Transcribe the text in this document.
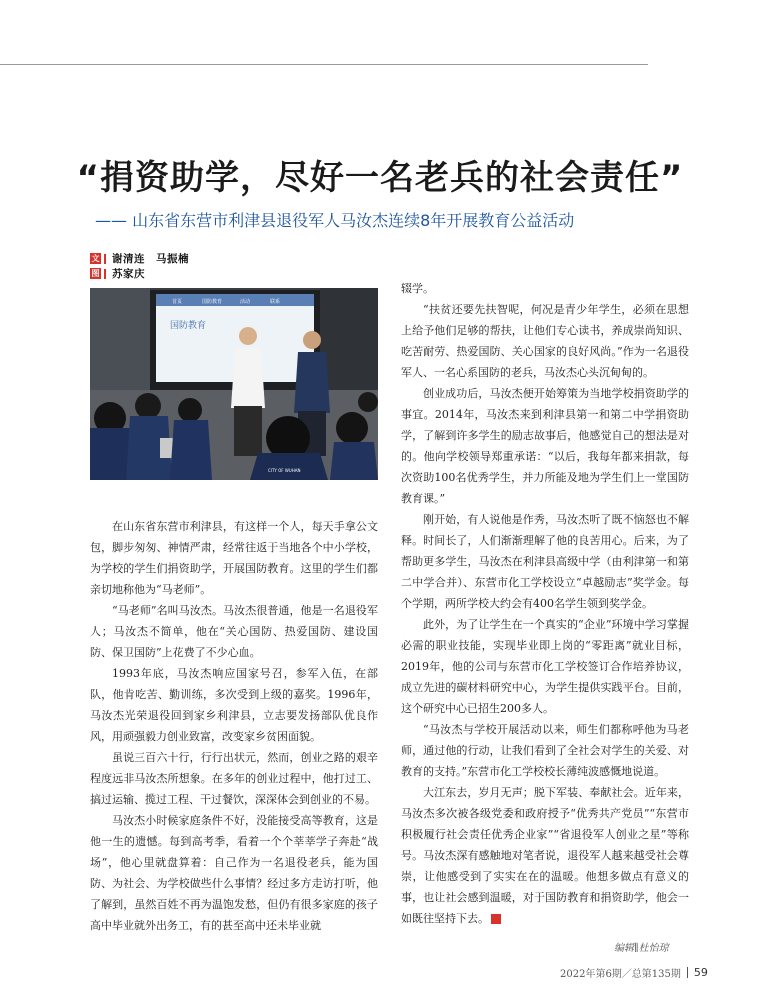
“捐资助学，尽好一名老兵的社会责任”

—— 山东省东营市利津县退役军人马汝杰连续8年开展教育公益活动

文 谢清连　马振楠
图 苏家庆
首页	国防教育	活动	联系
国防教育
CITY OF WUHAN

在山东省东营市利津县，有这样一个人，每天手拿公文包，脚步匆匆、神情严肃，经常往返于当地各个中小学校，为学校的学生们捐资助学，开展国防教育。这里的学生们都亲切地称他为“马老师”。

“马老师”名叫马汝杰。马汝杰很普通，他是一名退役军人；马汝杰不简单，他在“关心国防、热爱国防、建设国防、保卫国防”上花费了不少心血。

1993年底，马汝杰响应国家号召，参军入伍，在部队，他肯吃苦、勤训练，多次受到上级的嘉奖。1996年，马汝杰光荣退役回到家乡利津县，立志要发扬部队优良作风，用顽强毅力创业致富，改变家乡贫困面貌。

虽说三百六十行，行行出状元，然而，创业之路的艰辛程度远非马汝杰所想象。在多年的创业过程中，他打过工、搞过运输、揽过工程、干过餐饮，深深体会到创业的不易。

马汝杰小时候家庭条件不好，没能接受高等教育，这是他一生的遗憾。每到高考季，看着一个个莘莘学子奔赴“战场”，他心里就盘算着：自己作为一名退役老兵，能为国防、为社会、为学校做些什么事情？经过多方走访打听，他了解到，虽然百姓不再为温饱发愁，但仍有很多家庭的孩子高中毕业就外出务工，有的甚至高中还未毕业就

辍学。

“扶贫还要先扶智呢，何况是青少年学生，必须在思想上给予他们足够的帮扶，让他们专心读书，养成崇尚知识、吃苦耐劳、热爱国防、关心国家的良好风尚。”作为一名退役军人、一名心系国防的老兵，马汝杰心头沉甸甸的。

创业成功后，马汝杰便开始筹策为当地学校捐资助学的事宜。2014年，马汝杰来到利津县第一和第二中学捐资助学，了解到许多学生的励志故事后，他感觉自己的想法是对的。他向学校领导郑重承诺：“以后，我每年都来捐款，每次资助100名优秀学生，并力所能及地为学生们上一堂国防教育课。”

刚开始，有人说他是作秀，马汝杰听了既不恼怒也不解释。时间长了，人们渐渐理解了他的良苦用心。后来，为了帮助更多学生，马汝杰在利津县高级中学（由利津第一和第二中学合并）、东营市化工学校设立“卓越励志”奖学金。每个学期，两所学校大约会有400名学生领到奖学金。

此外，为了让学生在一个真实的“企业”环境中学习掌握必需的职业技能，实现毕业即上岗的“零距离”就业目标，2019年，他的公司与东营市化工学校签订合作培养协议，成立先进的碳材料研究中心，为学生提供实践平台。目前，这个研究中心已招生200多人。

“马汝杰与学校开展活动以来，师生们都称呼他为马老师，通过他的行动，让我们看到了全社会对学生的关爱、对教育的支持。”东营市化工学校校长薄纯波感慨地说道。

大江东去，岁月无声；脱下军装、奉献社会。近年来，马汝杰多次被各级党委和政府授予“优秀共产党员”“东营市积极履行社会责任优秀企业家”“省退役军人创业之星”等称号。马汝杰深有感触地对笔者说，退役军人越来越受社会尊崇，让他感受到了实实在在的温暖。他想多做点有意义的事，也让社会感到温暖，对于国防教育和捐资助学，他会一如既往坚持下去。	G

编辑∥杜怡琼
2022年第6期／总第135期 59
